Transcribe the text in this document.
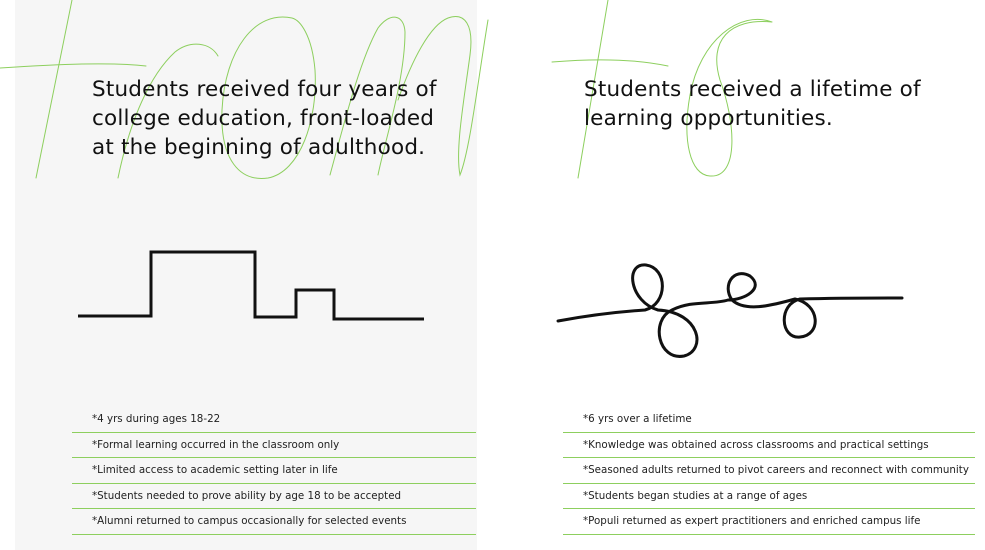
Students received four years of
college education, front-loaded
at the beginning of adulthood.
Students received a lifetime of
learning opportunities.
*4 yrs during ages 18-22
*Formal learning occurred in the classroom only
*Limited access to academic setting later in life
*Students needed to prove ability by age 18 to be accepted
*Alumni returned to campus occasionally for selected events
*6 yrs over a lifetime
*Knowledge was obtained across classrooms and practical settings
*Seasoned adults returned to pivot careers and reconnect with community
*Students began studies at a range of ages
*Populi returned as expert practitioners and enriched campus life
